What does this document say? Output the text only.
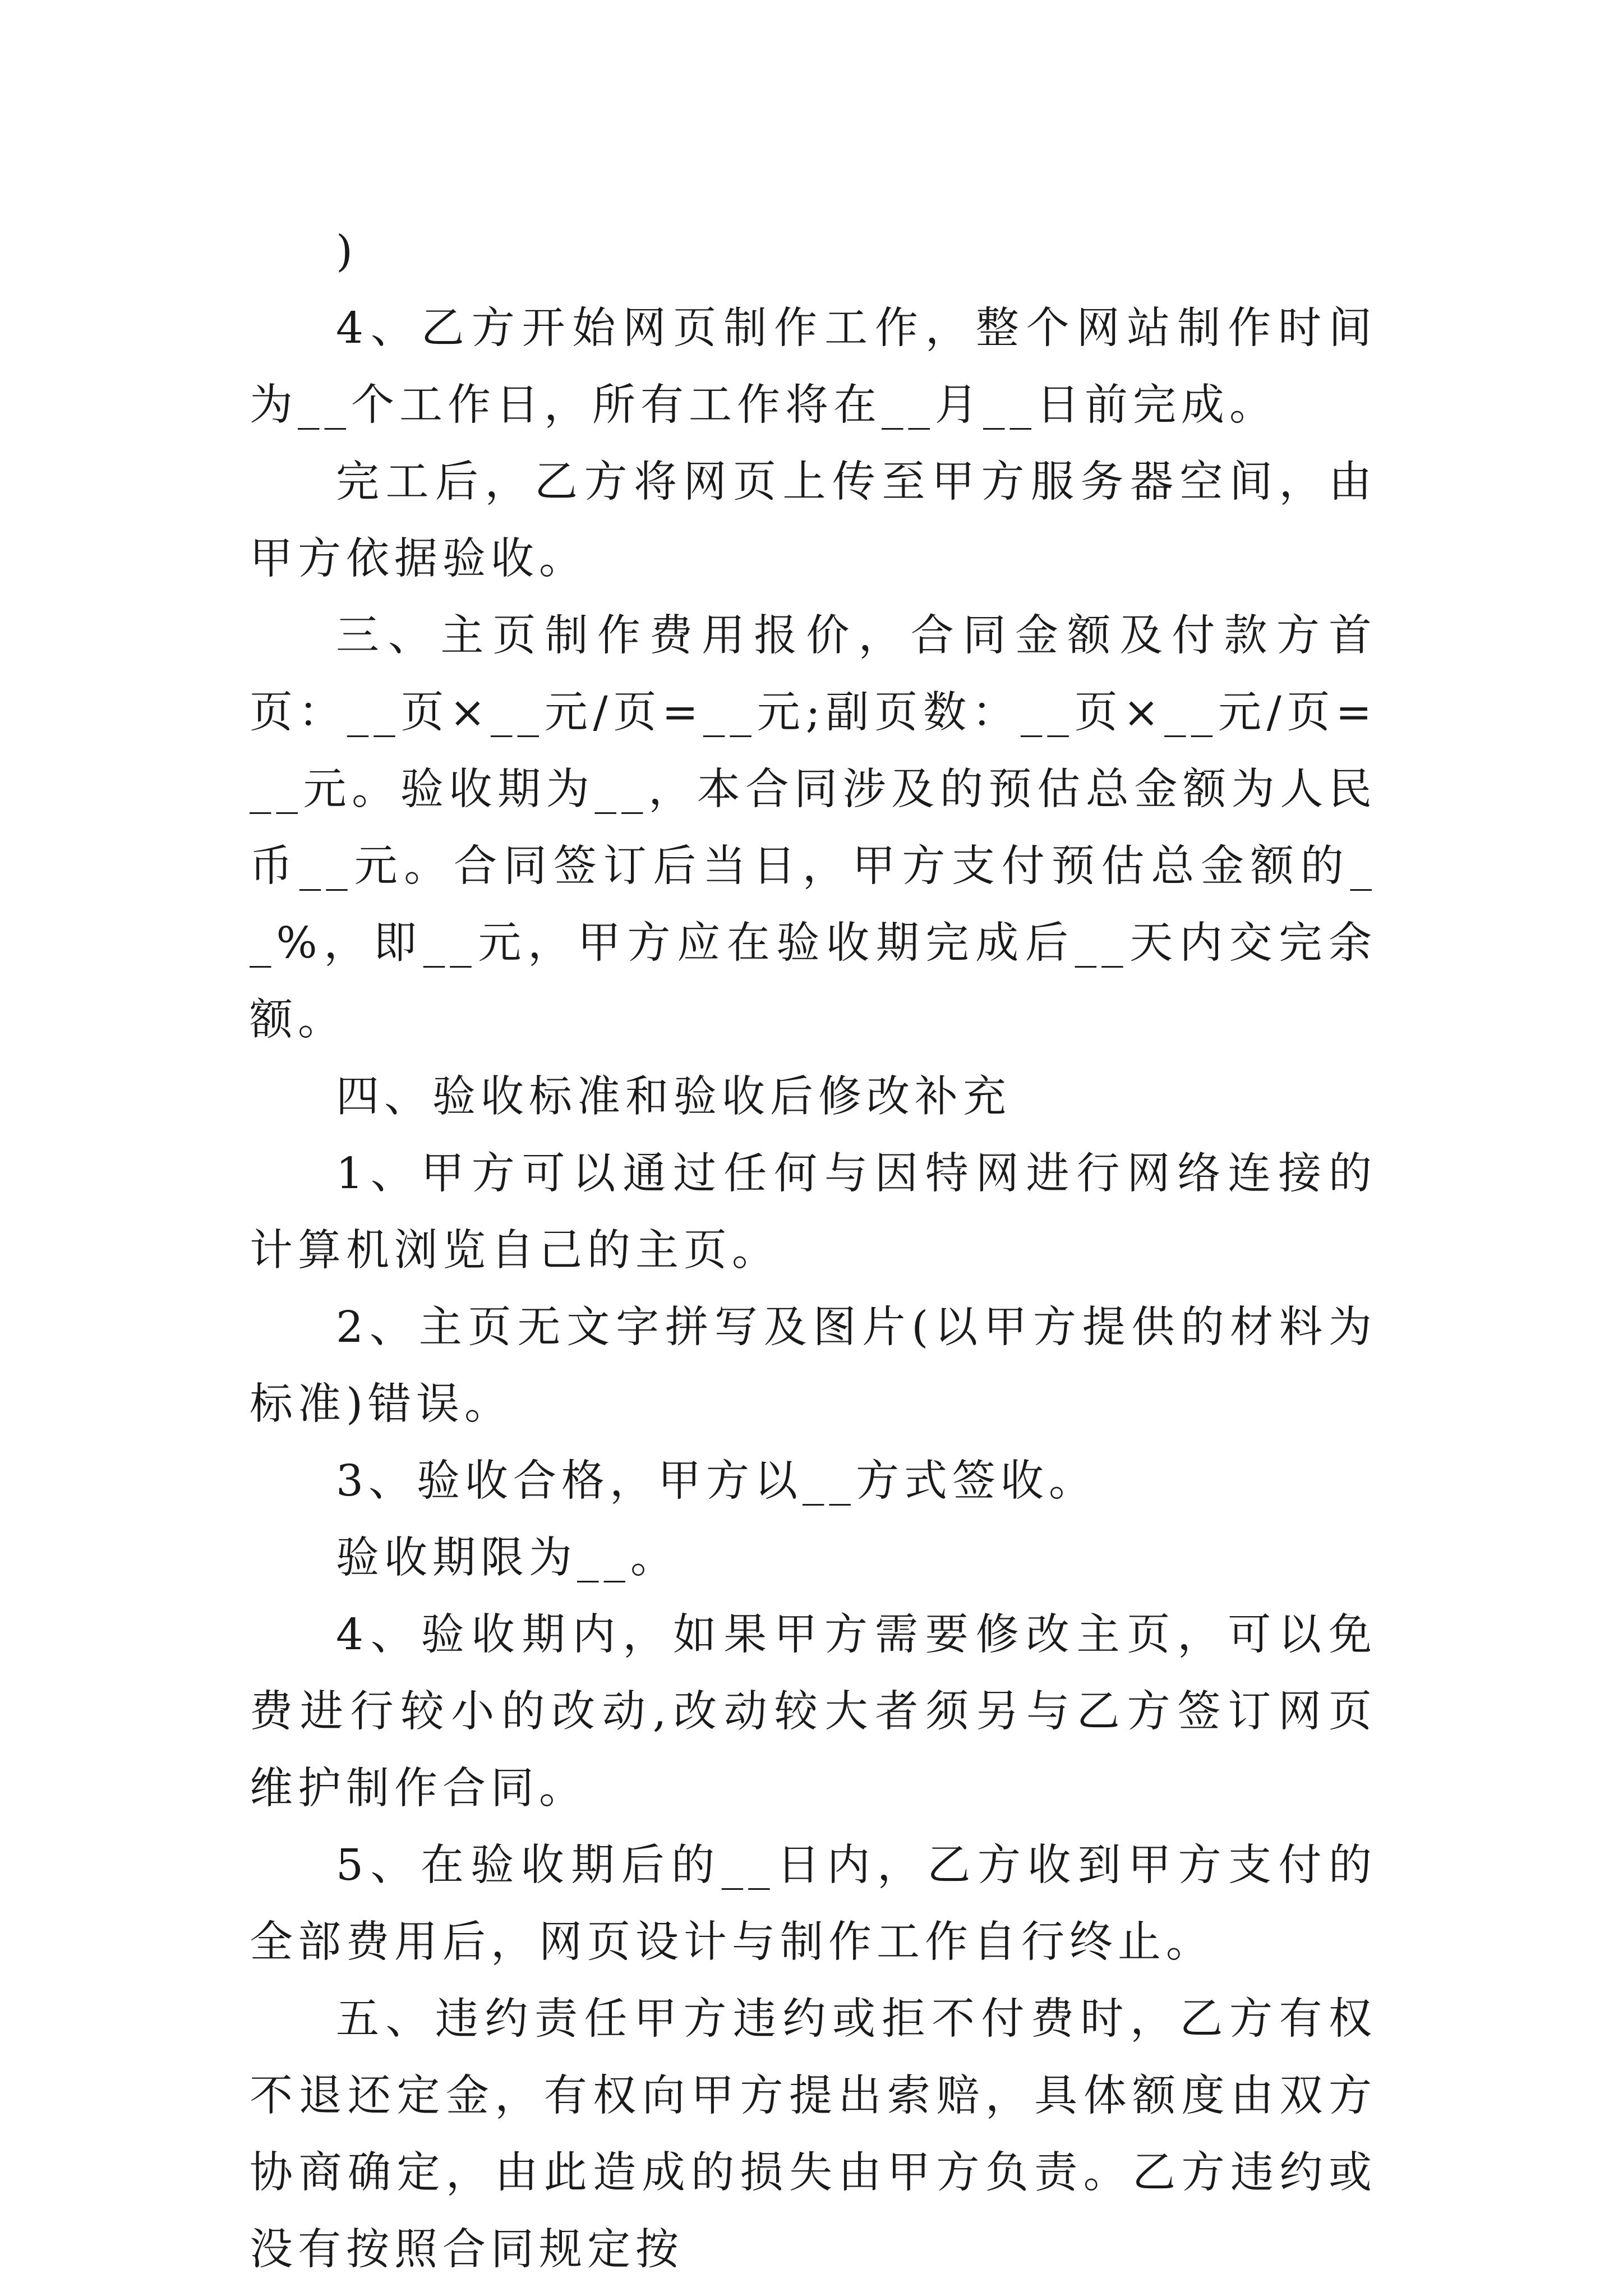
)

4、乙方开始网页制作工作，整个网站制作时间为__个工作日，所有工作将在__月__日前完成。

完工后，乙方将网页上传至甲方服务器空间，由甲方依据验收。

三、主页制作费用报价，合同金额及付款方首页：__页×__元/页=__元;副页数：__页×__元/页=__元。验收期为__，本合同涉及的预估总金额为人民币__元。合同签订后当日，甲方支付预估总金额的__%，即__元，甲方应在验收期完成后__天内交完余额。

四、验收标准和验收后修改补充

1、甲方可以通过任何与因特网进行网络连接的计算机浏览自己的主页。

2、主页无文字拼写及图片(以甲方提供的材料为标准)错误。

3、验收合格，甲方以__方式签收。

验收期限为__。

4、验收期内，如果甲方需要修改主页，可以免费进行较小的改动,改动较大者须另与乙方签订网页维护制作合同。

5、在验收期后的__日内，乙方收到甲方支付的全部费用后，网页设计与制作工作自行终止。

五、违约责任甲方违约或拒不付费时，乙方有权不退还定金，有权向甲方提出索赔，具体额度由双方协商确定，由此造成的损失由甲方负责。乙方违约或没有按照合同规定按
